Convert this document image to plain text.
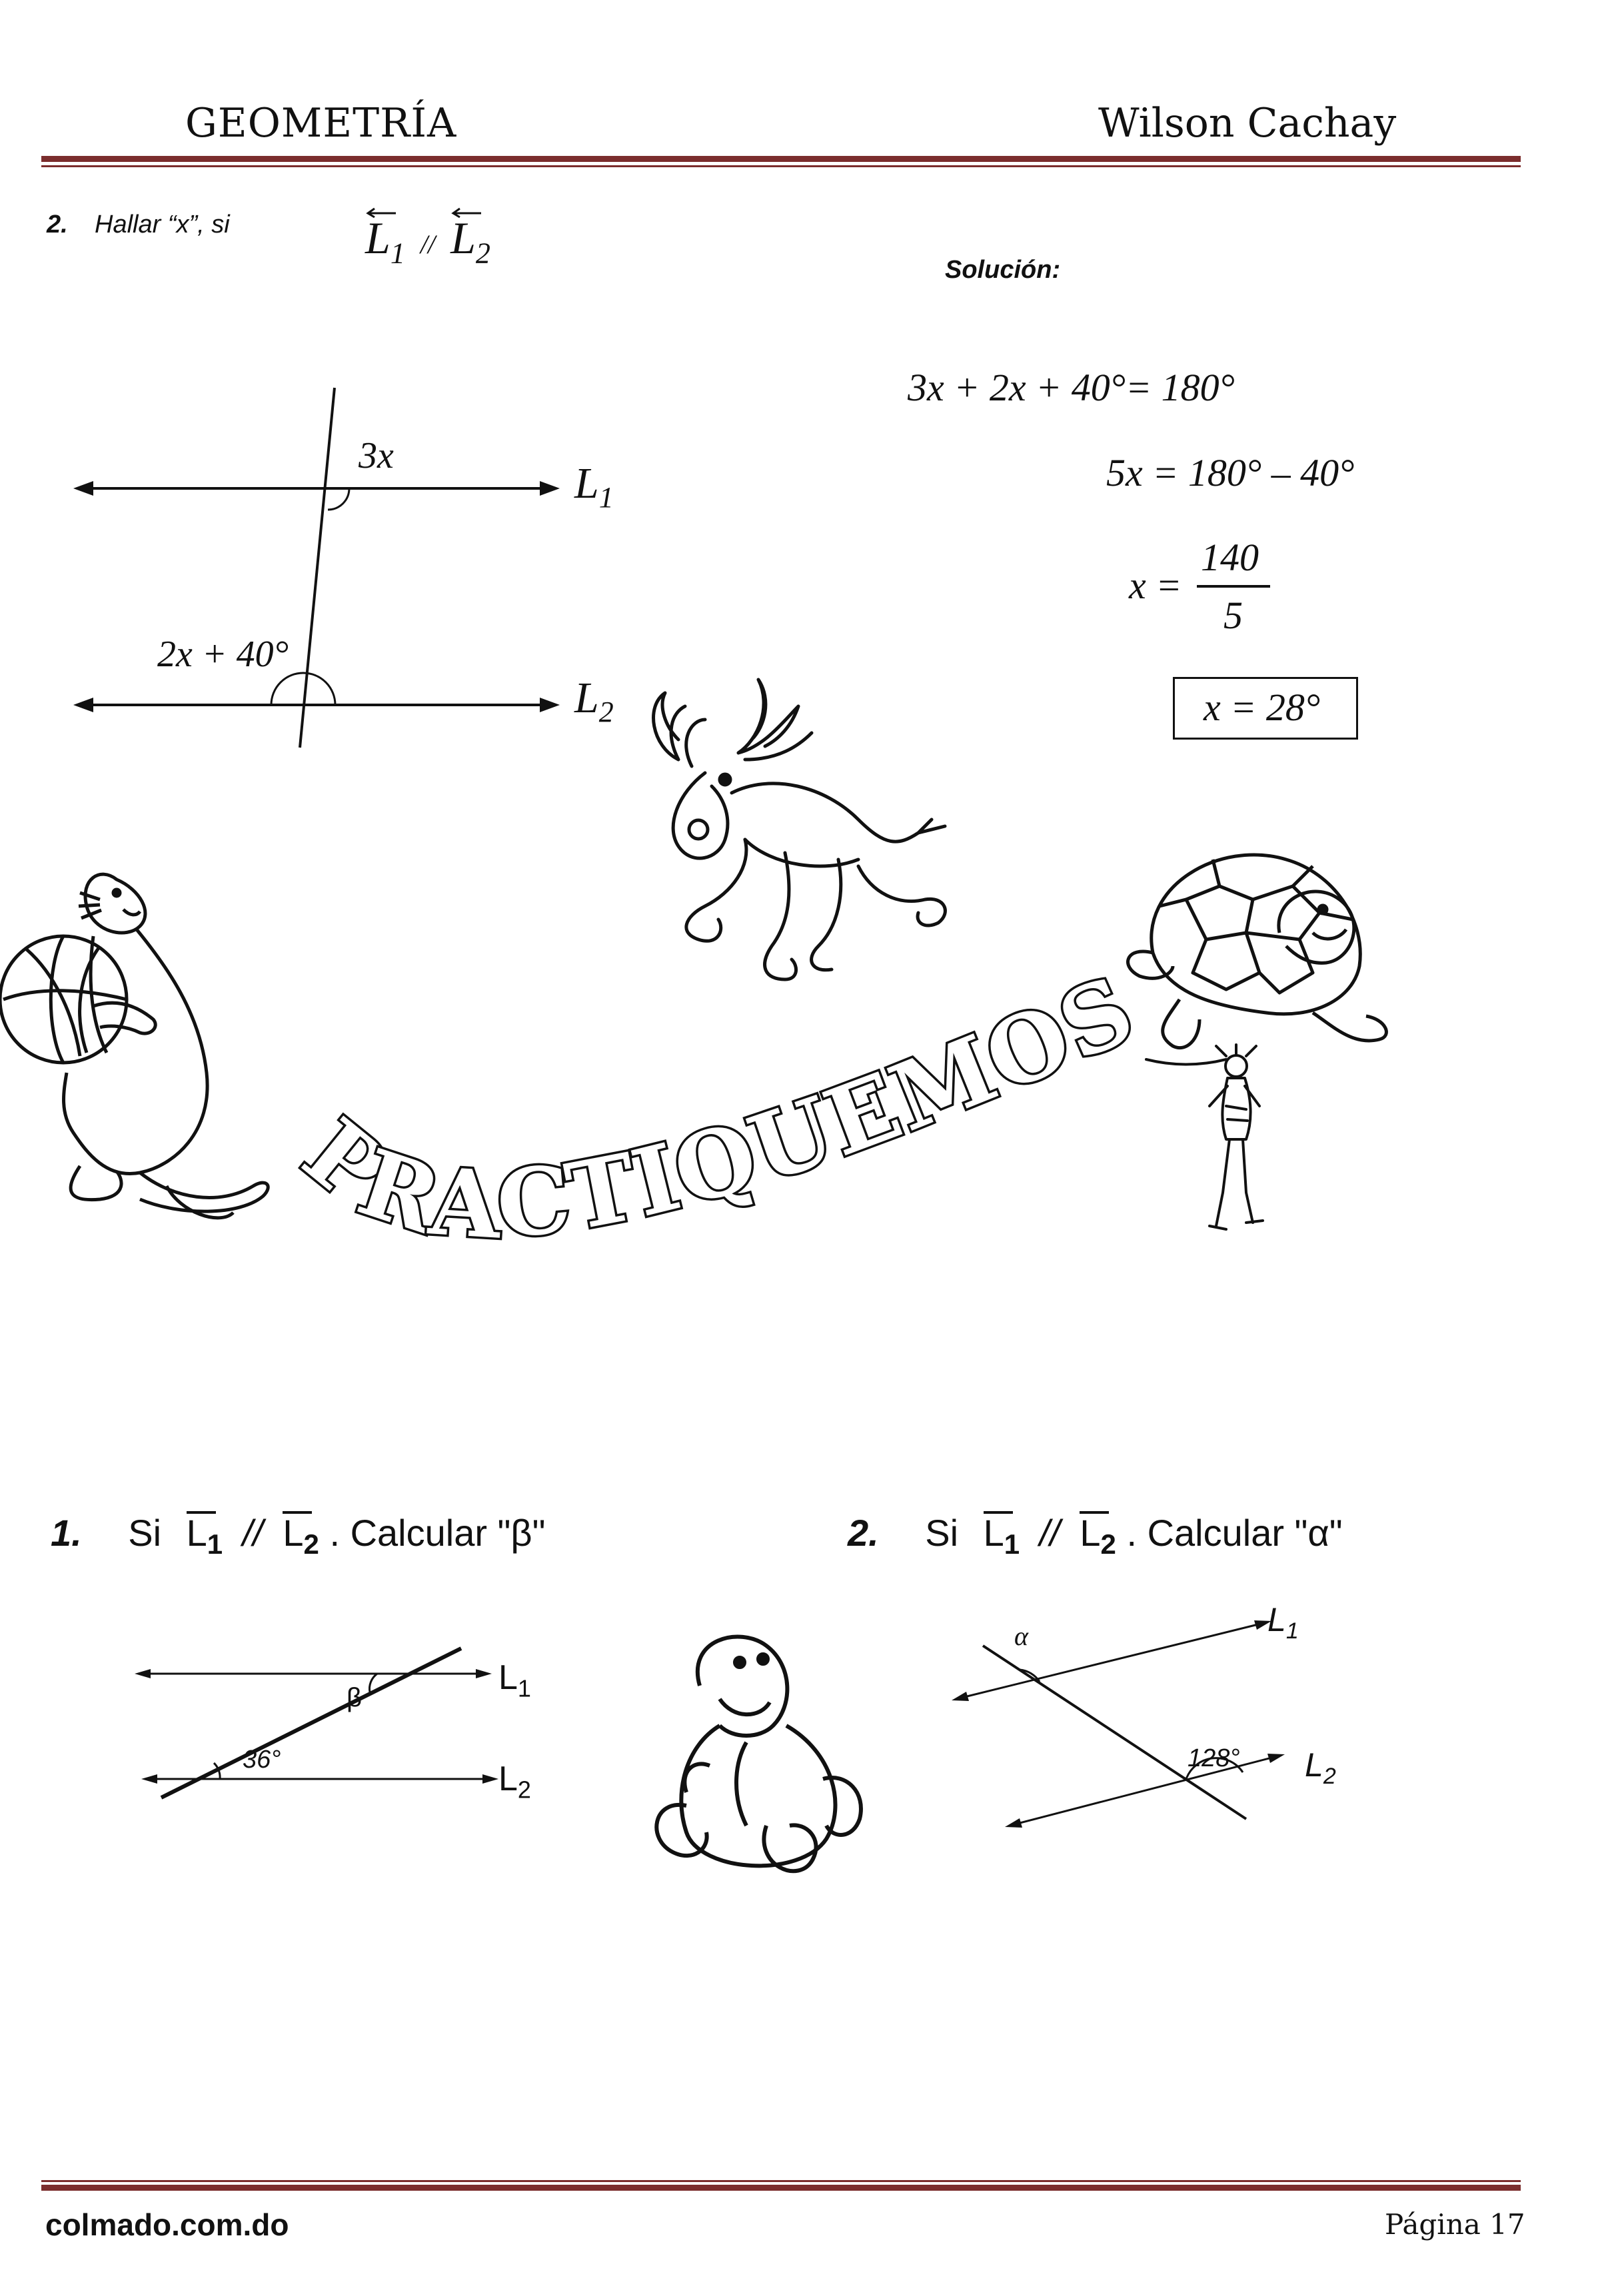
GEOMETRÍA	Wilson Cachay
2. Hallar “x”, si	$L_1 // L_2$
3x
2x + 40°
$L_1$
$L_2$
Solución:
3x + 2x + 40°= 180°
5x = 180° – 40°
x =
140
5
x = 28°
PRACTIQUEMOS
1. Si $L_1 // L_2$ . Calcular "β"	2. Si $L_1 // L_2$ . Calcular "α"
β
36°
$L_1$
$L_2$
α
128°
$L_1$
$L_2$
colmado.com.do	Página 17
